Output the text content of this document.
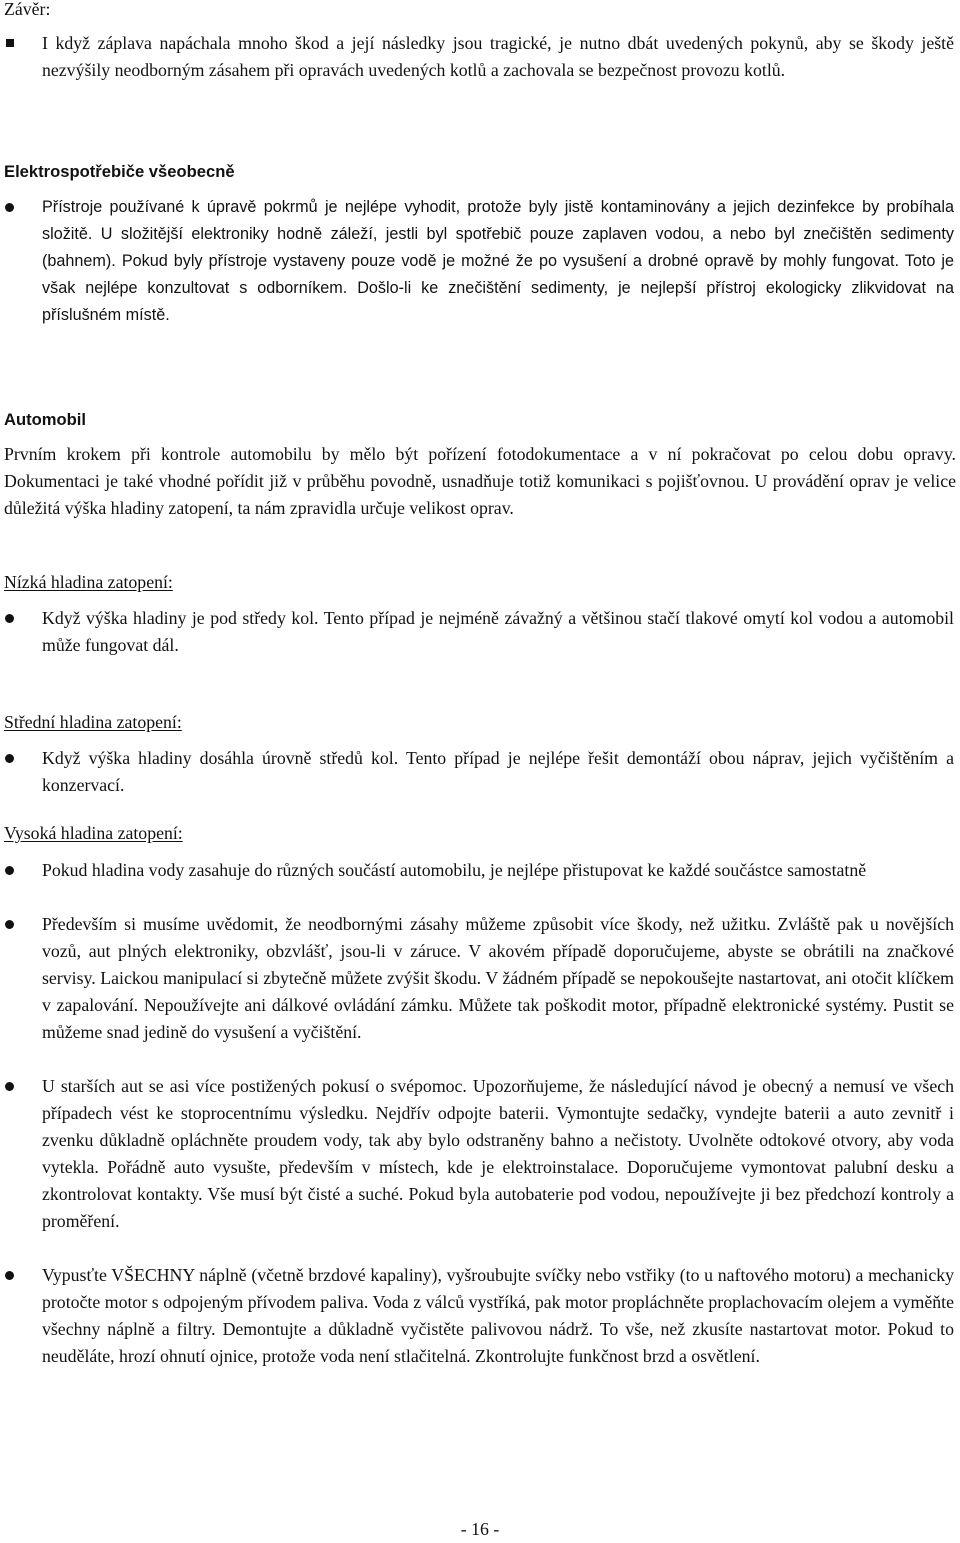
Závěr:
I když záplava napáchala mnoho škod a její následky jsou tragické, je nutno dbát uvedených pokynů, aby se škody ještě nezvýšily neodborným zásahem při opravách uvedených kotlů a zachovala se bezpečnost provozu kotlů.
Elektrospotřebiče všeobecně
Přístroje používané k úpravě pokrmů je nejlépe vyhodit, protože byly jistě kontaminovány a jejich dezinfekce by probíhala složitě. U složitější elektroniky hodně záleží, jestli byl spotřebič pouze zaplaven vodou, a nebo byl znečištěn sedimenty (bahnem). Pokud byly přístroje vystaveny pouze vodě je možné že po vysušení a drobné opravě by mohly fungovat. Toto je však nejlépe konzultovat s odborníkem. Došlo-li ke znečištění sedimenty, je nejlepší přístroj ekologicky zlikvidovat na příslušném místě.
Automobil

Prvním krokem při kontrole automobilu by mělo být pořízení fotodokumentace a v ní pokračovat po celou dobu opravy. Dokumentaci je také vhodné pořídit již v průběhu povodně, usnadňuje totiž komunikaci s pojišťovnou. U provádění oprav je velice důležitá výška hladiny zatopení, ta nám zpravidla určuje velikost oprav.

Nízká hladina zatopení:
Když výška hladiny je pod středy kol. Tento případ je nejméně závažný a většinou stačí tlakové omytí kol vodou a automobil může fungovat dál.
Střední hladina zatopení:
Když výška hladiny dosáhla úrovně středů kol. Tento případ je nejlépe řešit demontáží obou náprav, jejich vyčištěním a konzervací.
Vysoká hladina zatopení:
Pokud hladina vody zasahuje do různých součástí automobilu, je nejlépe přistupovat ke každé součástce samostatně
Především si musíme uvědomit, že neodbornými zásahy můžeme způsobit více škody, než užitku. Zvláště pak u novějších vozů, aut plných elektroniky, obzvlášť, jsou-li v záruce. V akovém případě doporučujeme, abyste se obrátili na značkové servisy. Laickou manipulací si zbytečně můžete zvýšit škodu. V žádném případě se nepokoušejte nastartovat, ani otočit klíčkem v zapalování. Nepoužívejte ani dálkové ovládání zámku. Můžete tak poškodit motor, případně elektronické systémy. Pustit se můžeme snad jedině do vysušení a vyčištění.
U starších aut se asi více postižených pokusí o svépomoc. Upozorňujeme, že následující návod je obecný a nemusí ve všech případech vést ke stoprocentnímu výsledku. Nejdřív odpojte baterii. Vymontujte sedačky, vyndejte baterii a auto zevnitř i zvenku důkladně opláchněte proudem vody, tak aby bylo odstraněny bahno a nečistoty. Uvolněte odtokové otvory, aby voda vytekla. Pořádně auto vysušte, především v místech, kde je elektroinstalace. Doporučujeme vymontovat palubní desku a zkontrolovat kontakty. Vše musí být čisté a suché. Pokud byla autobaterie pod vodou, nepoužívejte ji bez předchozí kontroly a proměření.
Vypusťte VŠECHNY náplně (včetně brzdové kapaliny), vyšroubujte svíčky nebo vstřiky (to u naftového motoru) a mechanicky protočte motor s odpojeným přívodem paliva. Voda z válců vystříká, pak motor propláchněte proplachovacím olejem a vyměňte všechny náplně a filtry. Demontujte a důkladně vyčistěte palivovou nádrž. To vše, než zkusíte nastartovat motor. Pokud to neuděláte, hrozí ohnutí ojnice, protože voda není stlačitelná. Zkontrolujte funkčnost brzd a osvětlení.
- 16 -
